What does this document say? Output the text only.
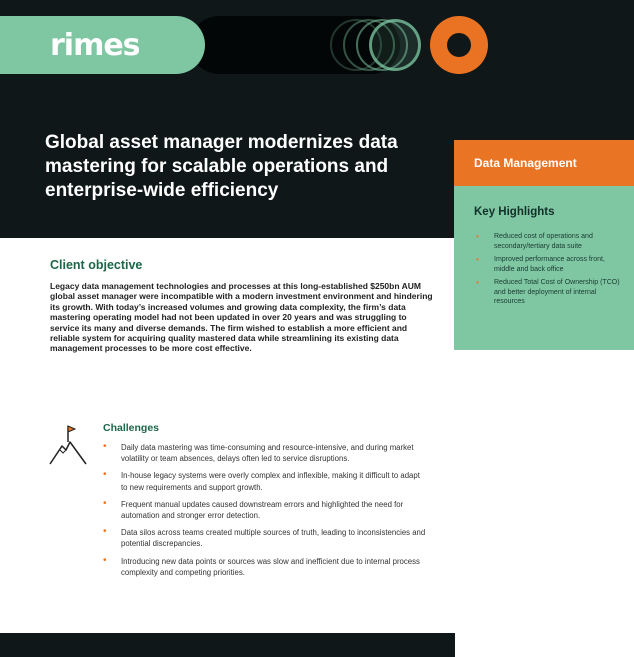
rimes
Global asset manager modernizes data mastering for scalable operations and enterprise-wide efficiency
Data Management
Key Highlights
• Reduced cost of operations and secondary/tertiary data suite
• Improved performance across front, middle and back office
• Reduced Total Cost of Ownership (TCO) and better deployment of internal resources
Client objective

Legacy data management technologies and processes at this long-established $250bn AUM global asset manager were incompatible with a modern investment environment and hindering its growth. With today’s increased volumes and growing data complexity, the firm’s data mastering operating model had not been updated in over 20 years and was struggling to service its many and diverse demands. The firm wished to establish a more efficient and reliable system for acquiring quality mastered data while streamlining its existing data management processes to be more cost effective.

Challenges
• Daily data mastering was time-consuming and resource-intensive, and during market volatility or team absences, delays often led to service disruptions.
• In-house legacy systems were overly complex and inflexible, making it difficult to adapt to new requirements and support growth.
• Frequent manual updates caused downstream errors and highlighted the need for automation and stronger error detection.
• Data silos across teams created multiple sources of truth, leading to inconsistencies and potential discrepancies.
• Introducing new data points or sources was slow and inefficient due to internal process complexity and competing priorities.
